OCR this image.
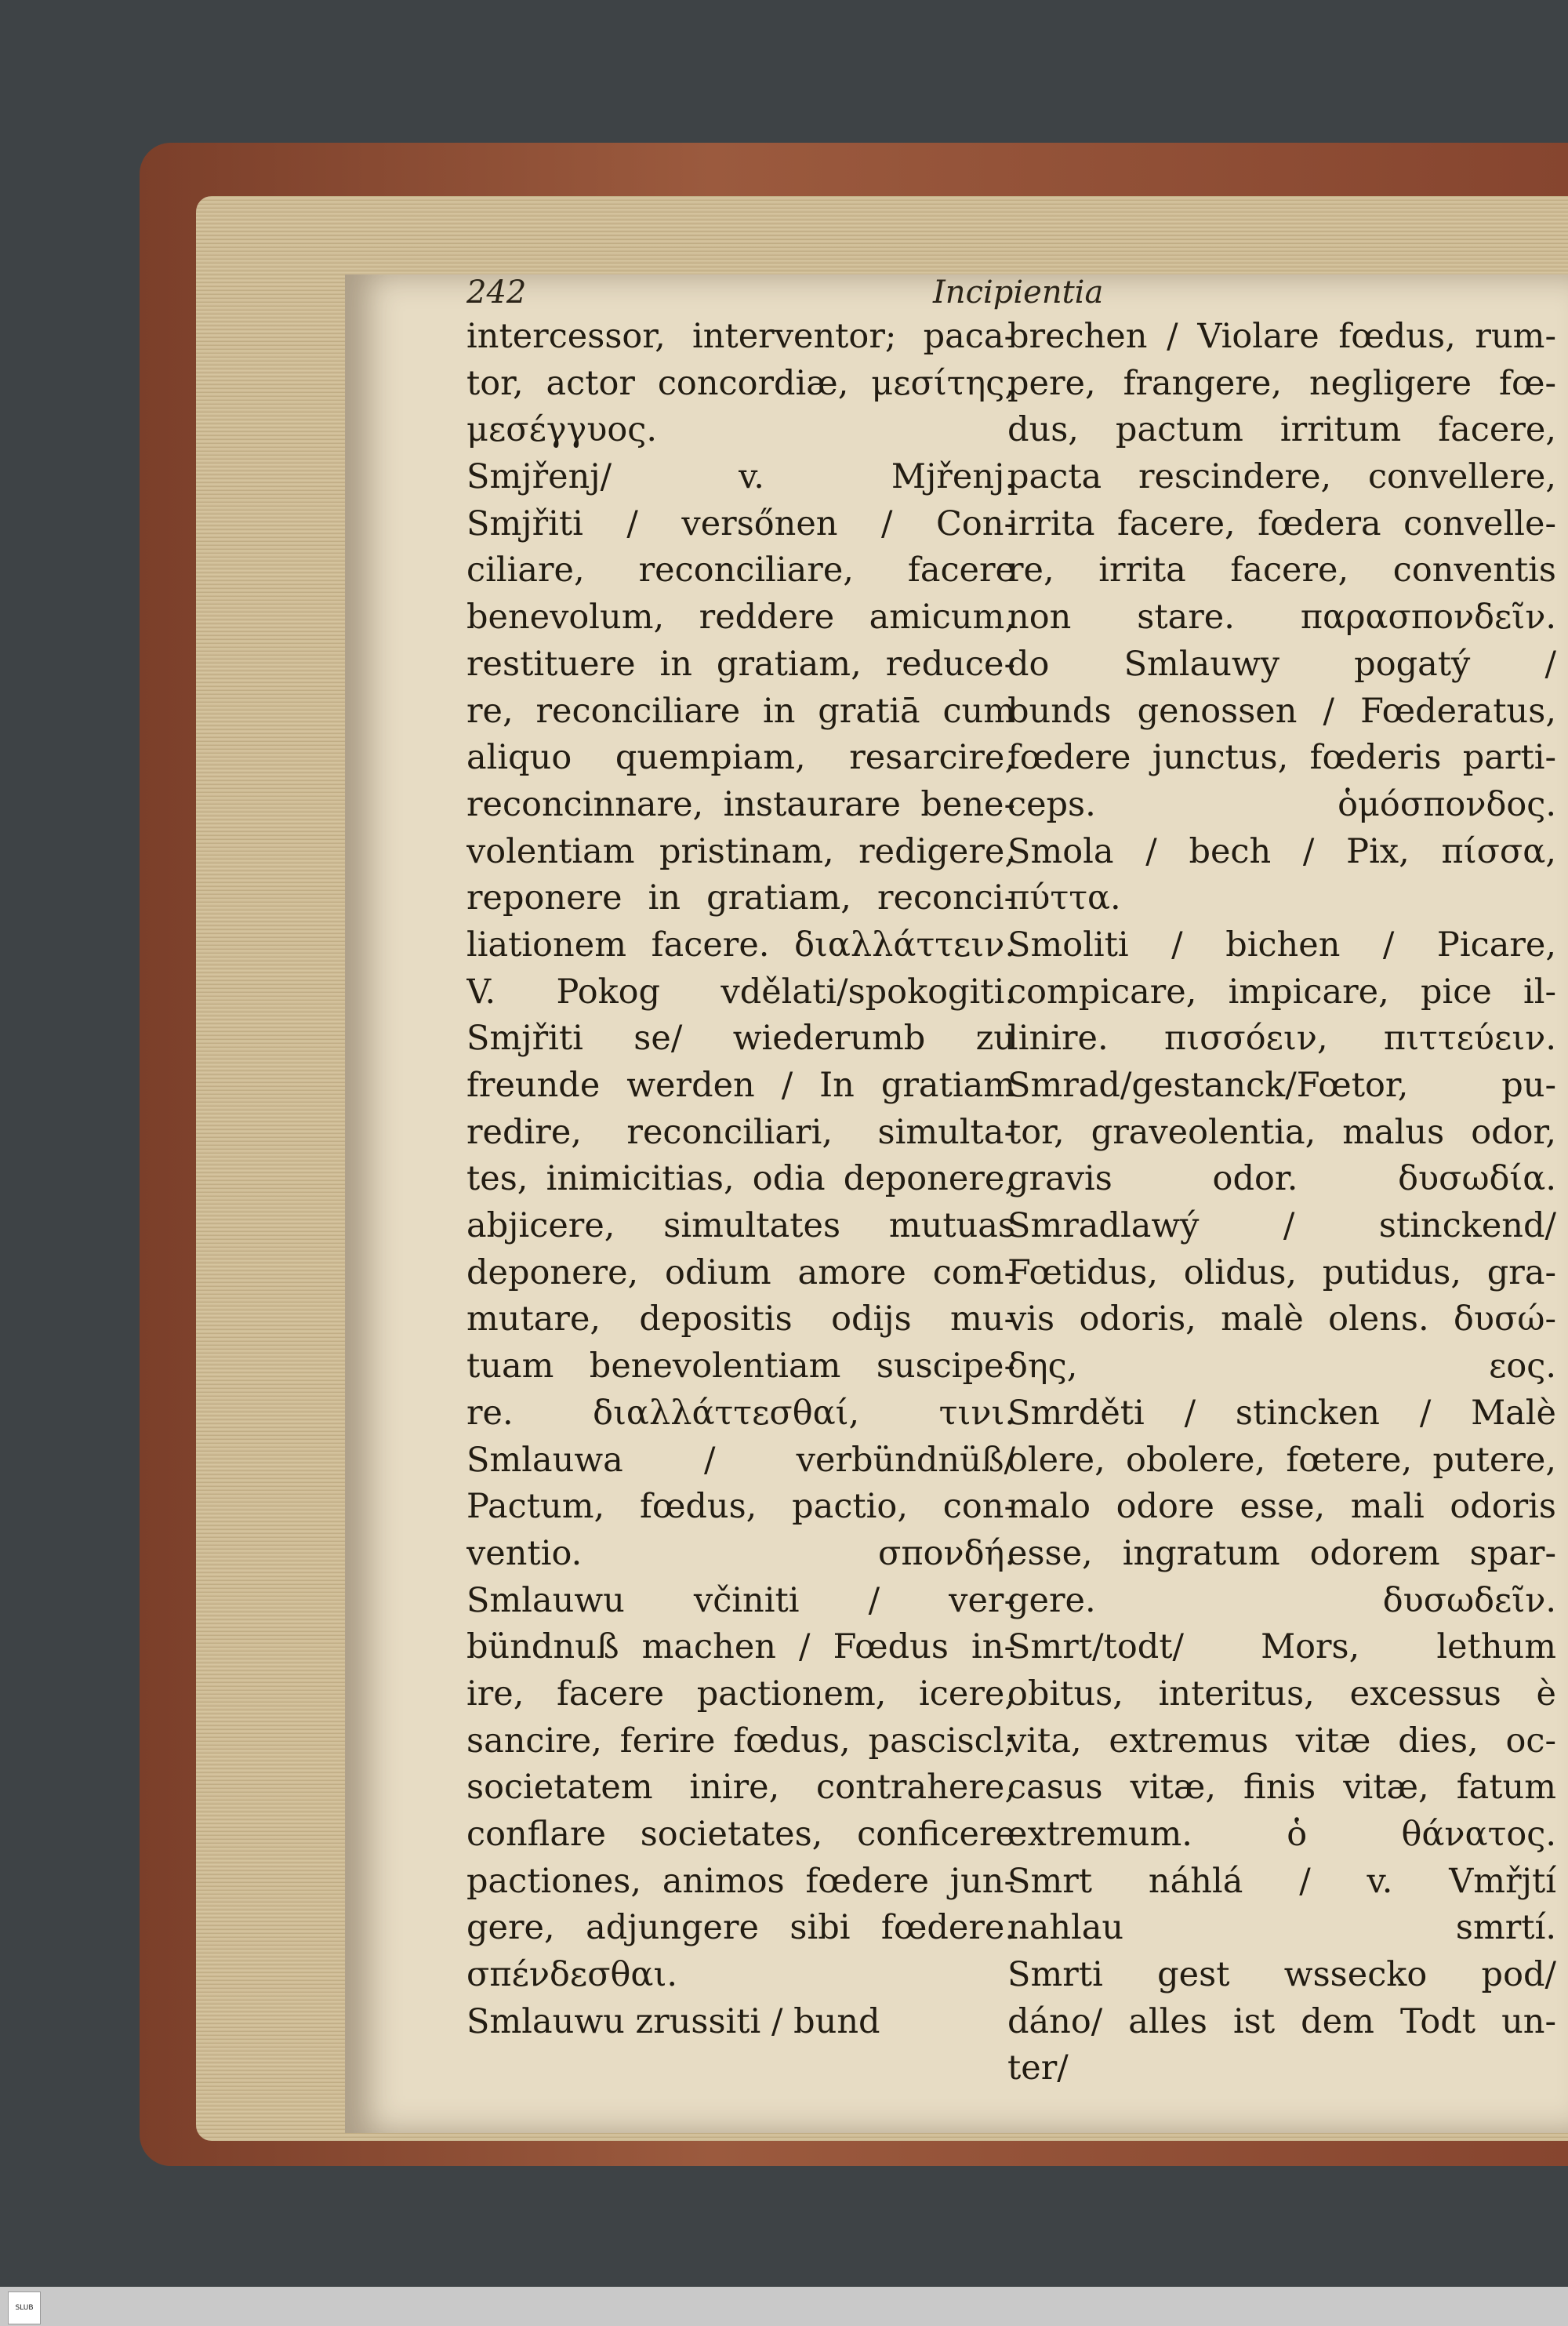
SLUB
242	Incipientia
intercessor, interventor; paca-
tor, actor concordiæ, μεσίτης,
μεσέγγυος.
Smjřenj/ v. Mjřenj.
Smjřiti / versőnen / Con-
ciliare, reconciliare, facere
benevolum, reddere amicum,
restituere in gratiam, reduce-
re, reconciliare in gratiā cum
aliquo quempiam, resarcire,
reconcinnare, instaurare bene-
volentiam pristinam, redigere,
reponere in gratiam, reconci-
liationem facere. διαλλάττειν.
V. Pokog vdělati/spokogiti.
Smjřiti se/ wiederumb zu
freunde werden / In gratiam
redire, reconciliari, simulta-
tes, inimicitias, odia deponere,
abjicere, simultates mutuas
deponere, odium amore com-
mutare, depositis odijs mu-
tuam benevolentiam suscipe-
re. διαλλάττεσθαί, τινι.
Smlauwa / verbündnüß/
Pactum, fœdus, pactio, con-
ventio. σπονδή.
Smlauwu včiniti / ver-
bündnuß machen / Fœdus in-
ire, facere pactionem, icere,
sancire, ferire fœdus, pasciscl;
societatem inire, contrahere,
conflare societates, conficere
pactiones, animos fœdere jun-
gere, adjungere sibi fœdere.
σπένδεσθαι.
Smlauwu zrussiti / bund
brechen / Violare fœdus, rum-
pere, frangere, negligere fœ-
dus, pactum irritum facere,
pacta rescindere, convellere,
irrita facere, fœdera convelle-
re, irrita facere, conventis
non stare. παρασπονδεῖν.
do Smlauwy pogatý /
bunds genossen / Fœderatus,
fœdere junctus, fœderis parti-
ceps. ὁμόσπονδος.
Smola / bech / Pix, πίσσα,
πύττα.
Smoliti / bichen / Picare,
compicare, impicare, pice il-
linire. πισσόειν, πιττεύειν.
Smrad/gestanck/Fœtor, pu-
tor, graveolentia, malus odor,
gravis odor. δυσωδία.
Smradlawý / stinckend/
Fœtidus, olidus, putidus, gra-
vis odoris, malè olens. δυσώ-
δης, εος.
Smrděti / stincken / Malè
olere, obolere, fœtere, putere,
malo odore esse, mali odoris
esse, ingratum odorem spar-
gere. δυσωδεῖν.
Smrt/todt/ Mors, lethum
obitus, interitus, excessus è
vita, extremus vitæ dies, oc-
casus vitæ, finis vitæ, fatum
extremum. ὁ θάνατος.
Smrt náhlá / v. Vmřjtí
nahlau smrtí.
Smrti gest wssecko pod/
dáno/ alles ist dem Todt un-
ter/
